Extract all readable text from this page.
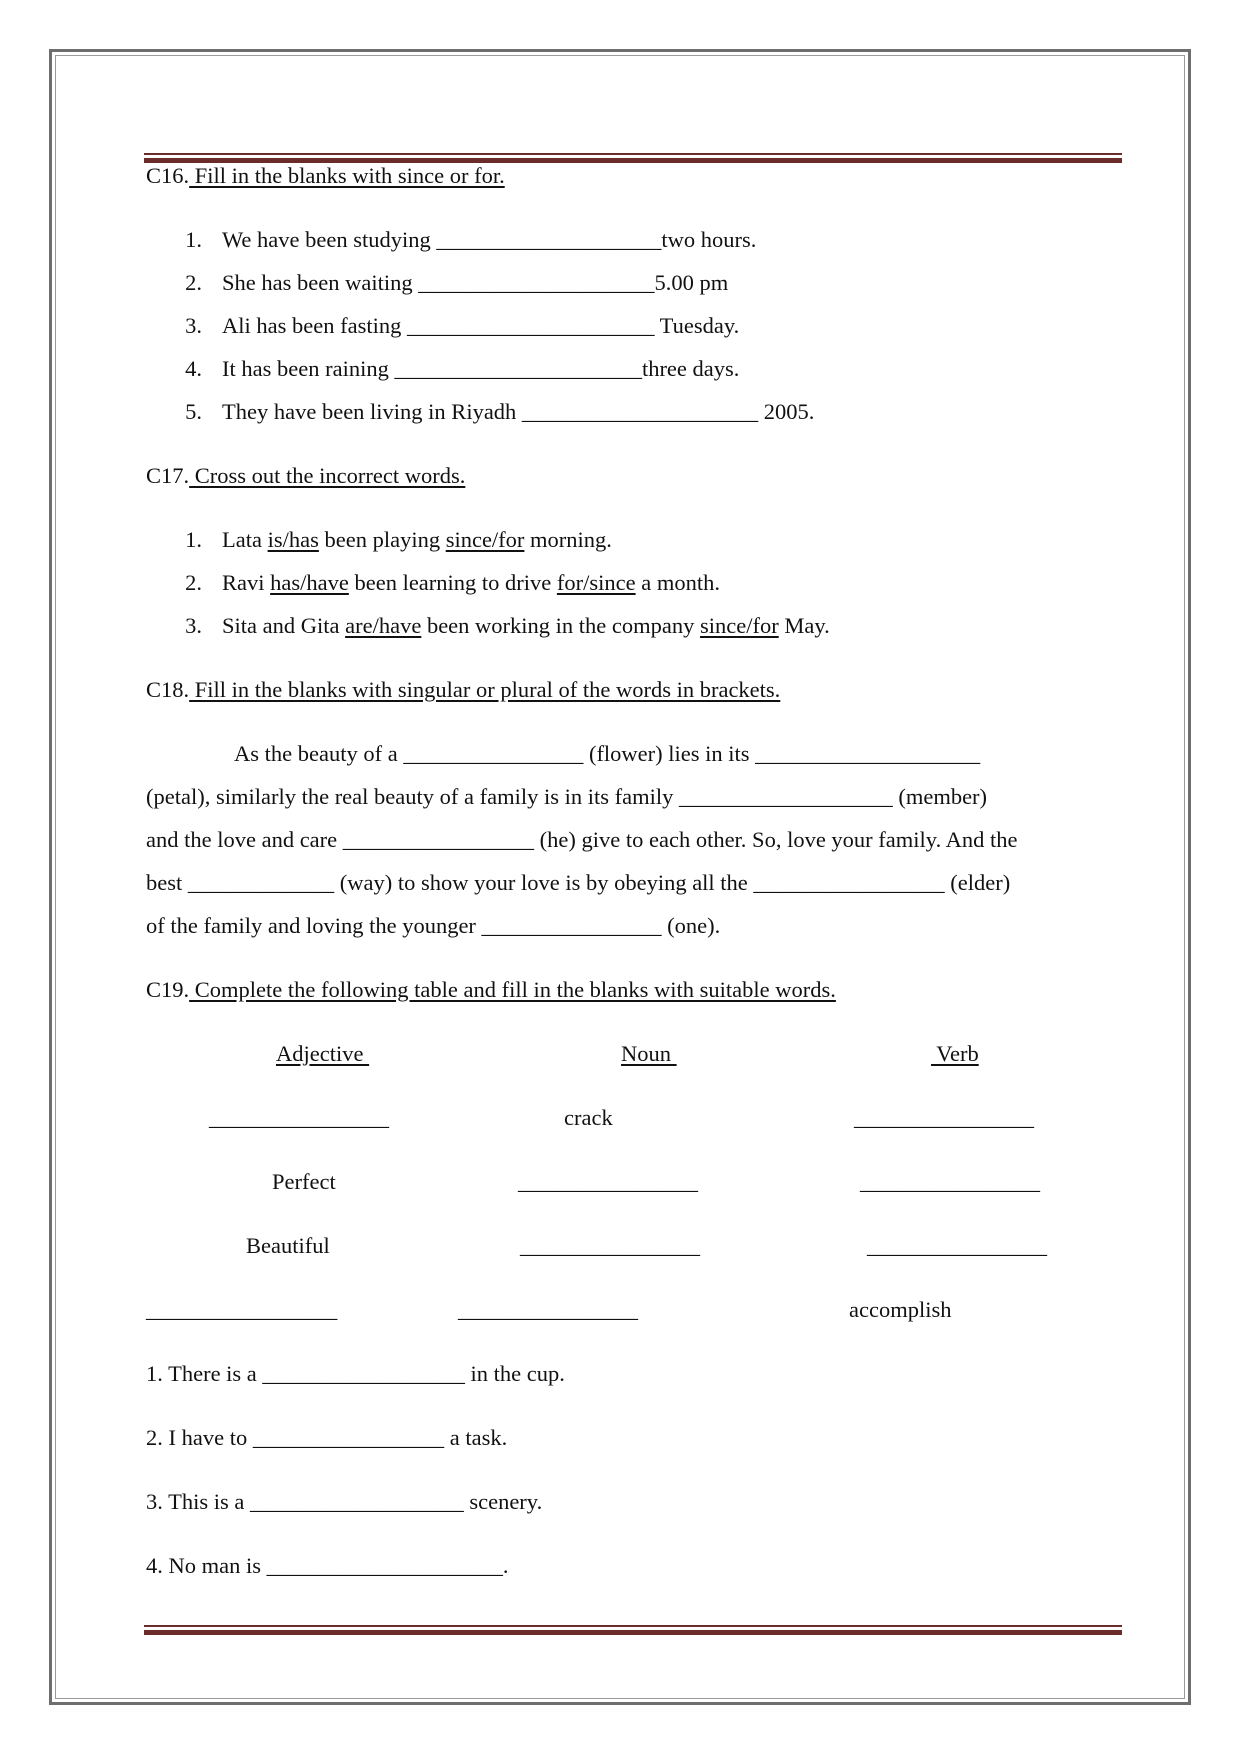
C16. Fill in the blanks with since or for.
1. We have been studying ____________________two hours.
2. She has been waiting _____________________5.00 pm
3. Ali has been fasting ______________________ Tuesday.
4. It has been raining ______________________three days.
5. They have been living in Riyadh _____________________ 2005.
C17. Cross out the incorrect words.
1. Lata is/has been playing since/for morning.
2. Ravi has/have been learning to drive for/since a month.
3. Sita and Gita are/have been working in the company since/for May.
C18. Fill in the blanks with singular or plural of the words in brackets.
As the beauty of a ________________ (flower) lies in its ____________________
(petal), similarly the real beauty of a family is in its family ___________________ (member)
and the love and care _________________ (he) give to each other. So, love your family. And the
best _____________ (way) to show your love is by obeying all the _________________ (elder)
of the family and loving the younger ________________ (one).
C19. Complete the following table and fill in the blanks with suitable words.
Adjective	Noun	Verb
________________	crack	________________
Perfect	________________	________________
Beautiful	________________	________________
_________________	________________	accomplish
1. There is a __________________ in the cup.
2. I have to _________________ a task.
3. This is a ___________________ scenery.
4. No man is _____________________.
